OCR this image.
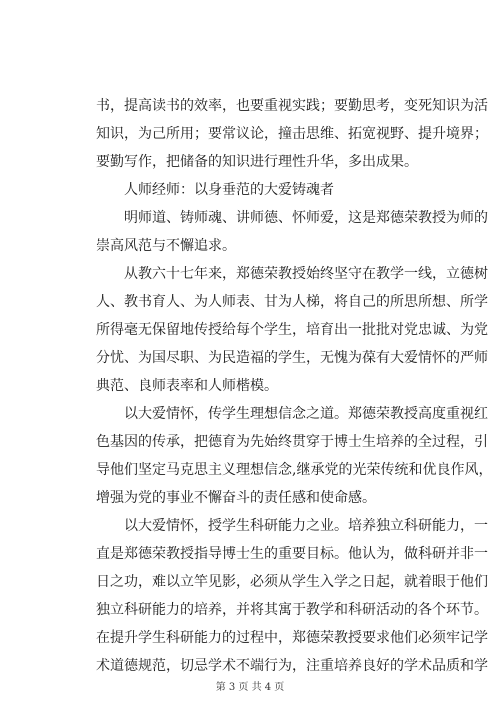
书，提高读书的效率，也要重视实践；要勤思考，变死知识为活
知识，为己所用；要常议论，撞击思维、拓宽视野、提升境界；
要勤写作，把储备的知识进行理性升华，多出成果。
人师经师：以身垂范的大爱铸魂者
明师道、铸师魂、讲师德、怀师爱，这是郑德荣教授为师的
崇高风范与不懈追求。
从教六十七年来，郑德荣教授始终坚守在教学一线，立德树
人、教书育人、为人师表、甘为人梯，将自己的所思所想、所学
所得毫无保留地传授给每个学生，培育出一批批对党忠诚、为党
分忧、为国尽职、为民造福的学生，无愧为葆有大爱情怀的严师
典范、良师表率和人师楷模。
以大爱情怀，传学生理想信念之道。郑德荣教授高度重视红
色基因的传承，把德育为先始终贯穿于博士生培养的全过程，引
导他们坚定马克思主义理想信念,继承党的光荣传统和优良作风，
增强为党的事业不懈奋斗的责任感和使命感。
以大爱情怀，授学生科研能力之业。培养独立科研能力，一
直是郑德荣教授指导博士生的重要目标。他认为，做科研并非一
日之功，难以立竿见影，必须从学生入学之日起，就着眼于他们
独立科研能力的培养，并将其寓于教学和科研活动的各个环节。
在提升学生科研能力的过程中，郑德荣教授要求他们必须牢记学
术道德规范，切忌学术不端行为，注重培养良好的学术品质和学
第 3 页 共 4 页
